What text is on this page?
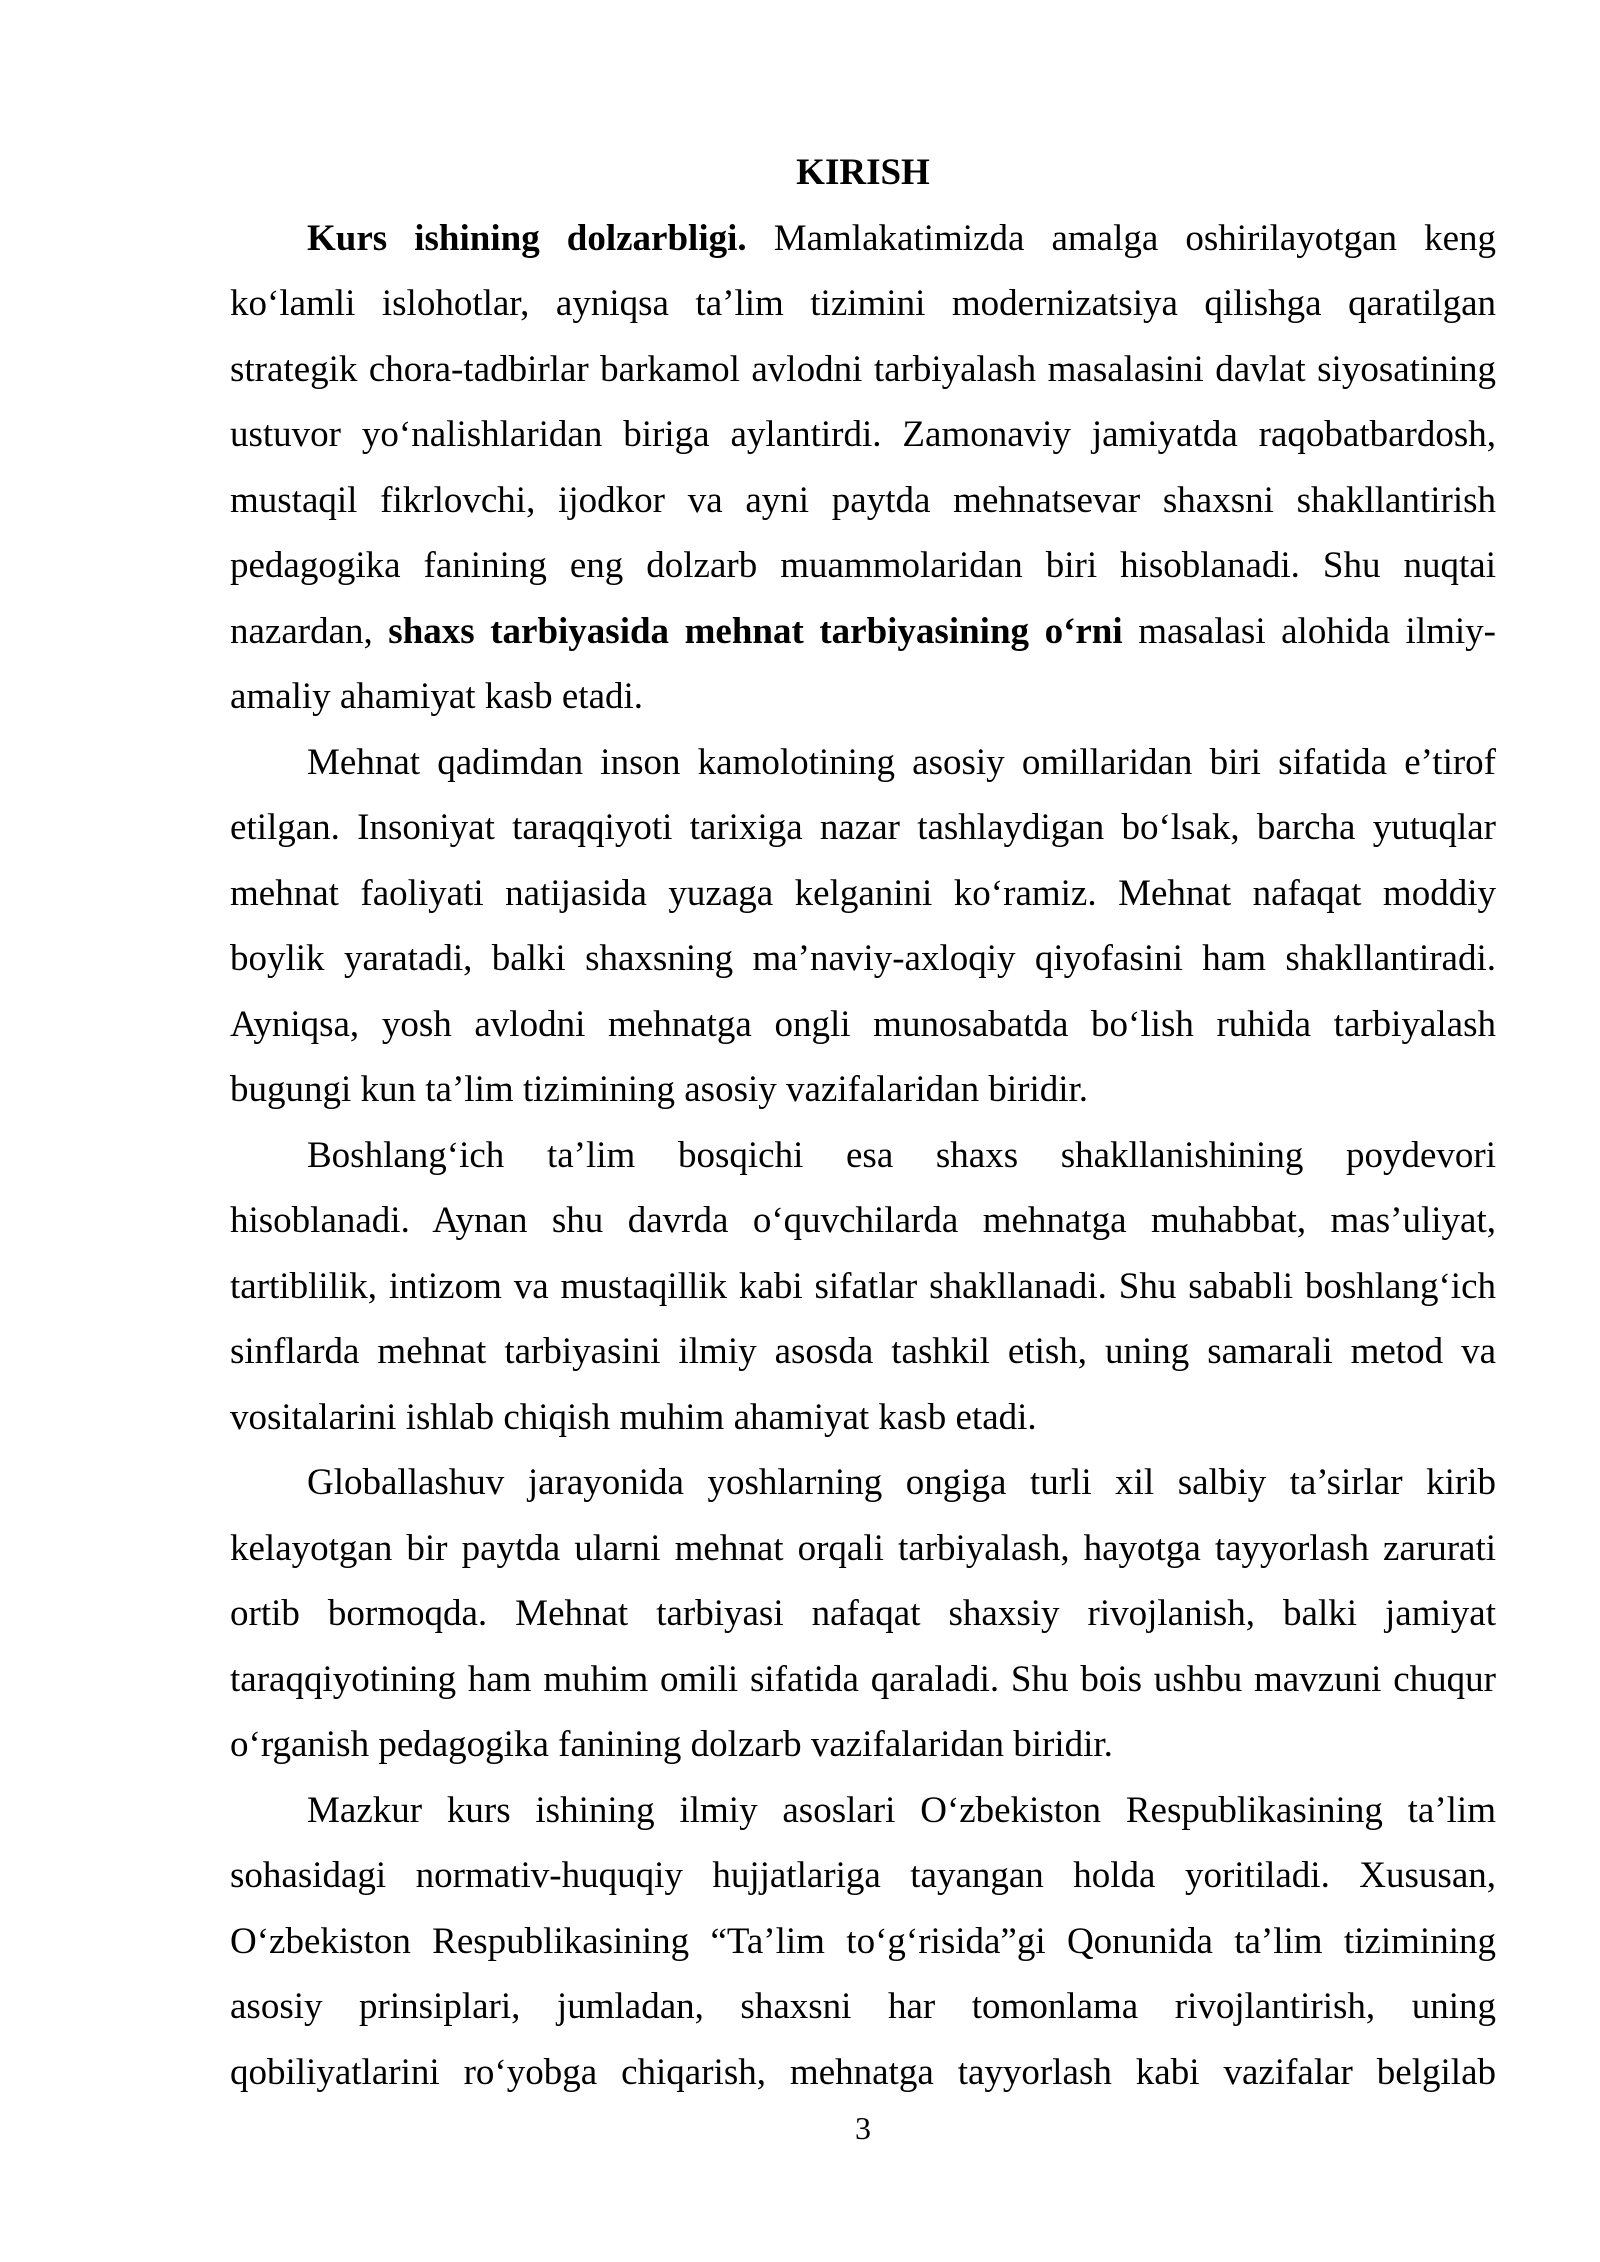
KIRISH
Kurs ishining dolzarbligi. Mamlakatimizda amalga oshirilayotgan keng
ko‘lamli islohotlar, ayniqsa ta’lim tizimini modernizatsiya qilishga qaratilgan
strategik chora-tadbirlar barkamol avlodni tarbiyalash masalasini davlat siyosatining
ustuvor yo‘nalishlaridan biriga aylantirdi. Zamonaviy jamiyatda raqobatbardosh,
mustaqil fikrlovchi, ijodkor va ayni paytda mehnatsevar shaxsni shakllantirish
pedagogika fanining eng dolzarb muammolaridan biri hisoblanadi. Shu nuqtai
nazardan, shaxs tarbiyasida mehnat tarbiyasining o‘rni masalasi alohida ilmiy-
amaliy ahamiyat kasb etadi.
Mehnat qadimdan inson kamolotining asosiy omillaridan biri sifatida e’tirof
etilgan. Insoniyat taraqqiyoti tarixiga nazar tashlaydigan bo‘lsak, barcha yutuqlar
mehnat faoliyati natijasida yuzaga kelganini ko‘ramiz. Mehnat nafaqat moddiy
boylik yaratadi, balki shaxsning ma’naviy-axloqiy qiyofasini ham shakllantiradi.
Ayniqsa, yosh avlodni mehnatga ongli munosabatda bo‘lish ruhida tarbiyalash
bugungi kun ta’lim tizimining asosiy vazifalaridan biridir.
Boshlang‘ich ta’lim bosqichi esa shaxs shakllanishining poydevori
hisoblanadi. Aynan shu davrda o‘quvchilarda mehnatga muhabbat, mas’uliyat,
tartiblilik, intizom va mustaqillik kabi sifatlar shakllanadi. Shu sababli boshlang‘ich
sinflarda mehnat tarbiyasini ilmiy asosda tashkil etish, uning samarali metod va
vositalarini ishlab chiqish muhim ahamiyat kasb etadi.
Globallashuv jarayonida yoshlarning ongiga turli xil salbiy ta’sirlar kirib
kelayotgan bir paytda ularni mehnat orqali tarbiyalash, hayotga tayyorlash zarurati
ortib bormoqda. Mehnat tarbiyasi nafaqat shaxsiy rivojlanish, balki jamiyat
taraqqiyotining ham muhim omili sifatida qaraladi. Shu bois ushbu mavzuni chuqur
o‘rganish pedagogika fanining dolzarb vazifalaridan biridir.
Mazkur kurs ishining ilmiy asoslari O‘zbekiston Respublikasining ta’lim
sohasidagi normativ-huquqiy hujjatlariga tayangan holda yoritiladi. Xususan,
O‘zbekiston Respublikasining “Ta’lim to‘g‘risida”gi Qonunida ta’lim tizimining
asosiy prinsiplari, jumladan, shaxsni har tomonlama rivojlantirish, uning
qobiliyatlarini ro‘yobga chiqarish, mehnatga tayyorlash kabi vazifalar belgilab
3
